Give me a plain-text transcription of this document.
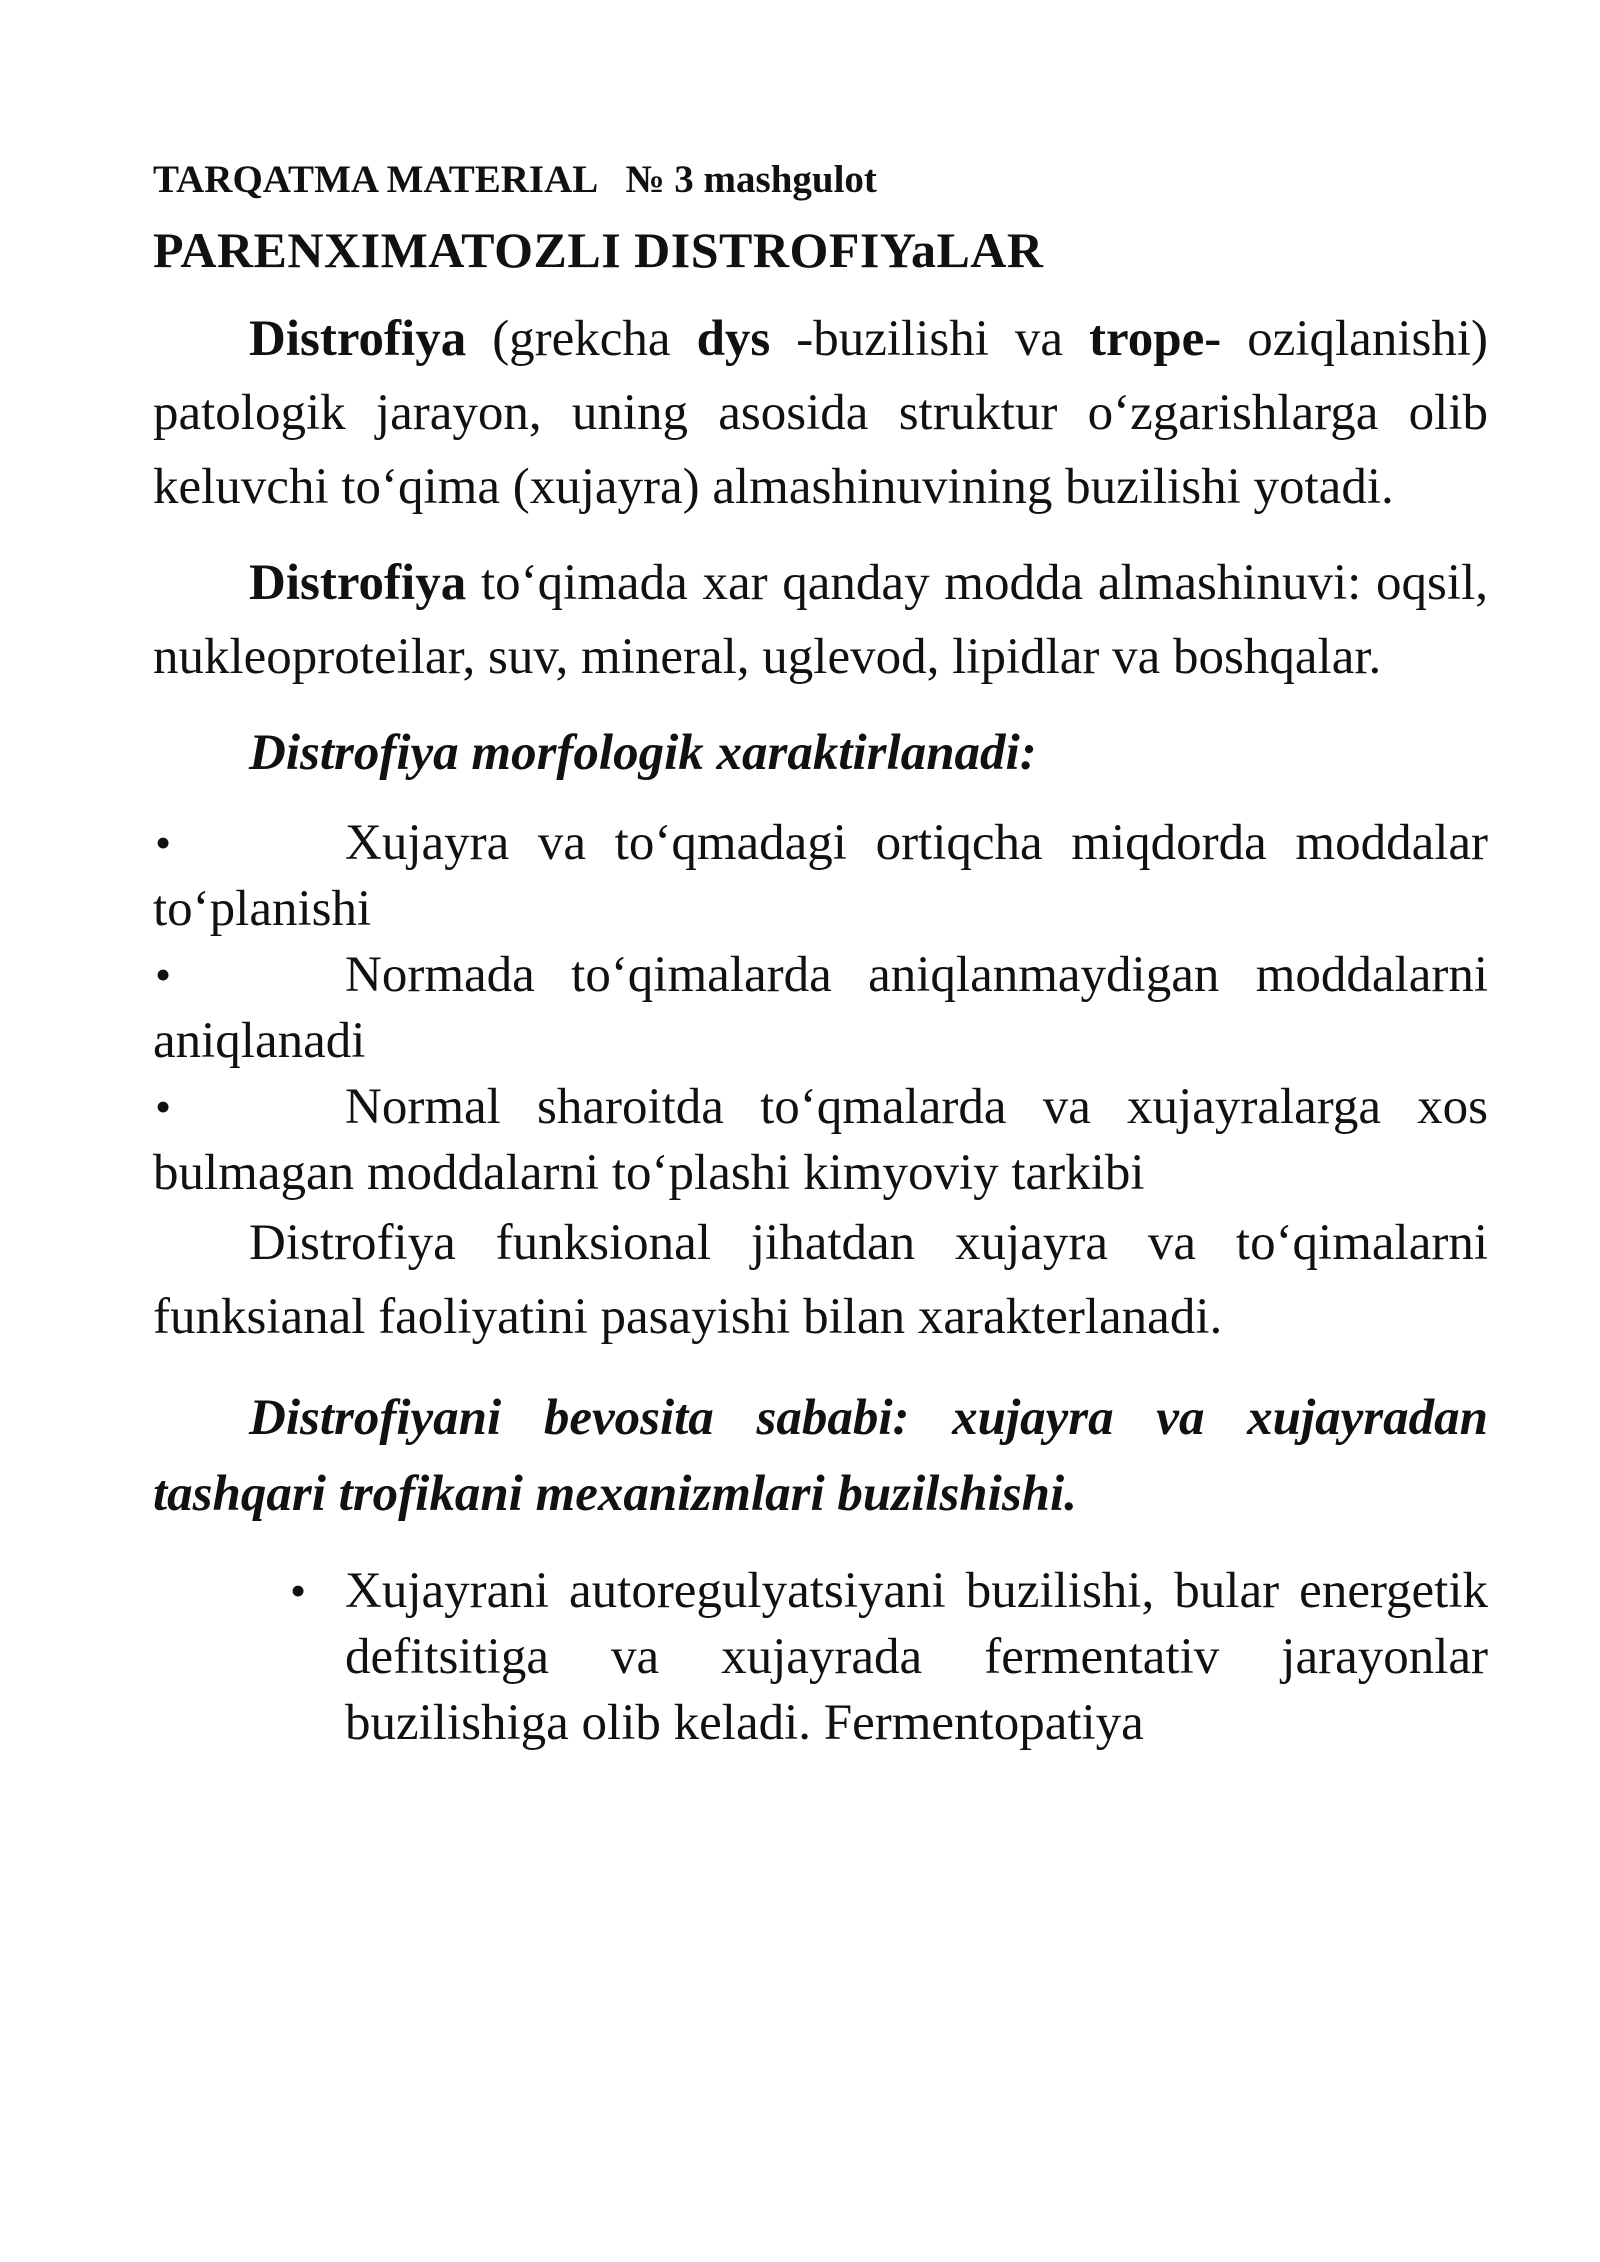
TARQATMA MATERIAL   № 3 mashgulot
PARENXIMATOZLI DISTROFIYaLAR

Distrofiya (grekcha dys -buzilishi va trope- oziqlanishi) patologik jarayon, uning asosida struktur o‘zgarishlarga olib keluvchi to‘qima (xujayra) almashinuvining buzilishi yotadi.

Distrofiya to‘qimada xar qanday modda almashinuvi: oqsil, nukleoproteilar, suv, mineral, uglevod, lipidlar va boshqalar.

Distrofiya morfologik xaraktirlanadi:
•	Xujayra va to‘qmadagi ortiqcha miqdorda moddalar to‘planishi
•	Normada to‘qimalarda aniqlanmaydigan moddalarni aniqlanadi
•	Normal sharoitda to‘qmalarda va xujayralarga xos bulmagan moddalarni to‘plashi kimyoviy tarkibi

Distrofiya funksional jihatdan xujayra va to‘qimalarni funksianal faoliyatini pasayishi bilan xarakterlanadi.

Distrofiyani bevosita sababi: xujayra va xujayradan tashqari trofikani mexanizmlari buzilshishi.

• Xujayrani autoregulyatsiyani buzilishi, bular energetik defitsitiga va xujayrada fermentativ jarayonlar buzilishiga olib keladi. Fermentopatiya
